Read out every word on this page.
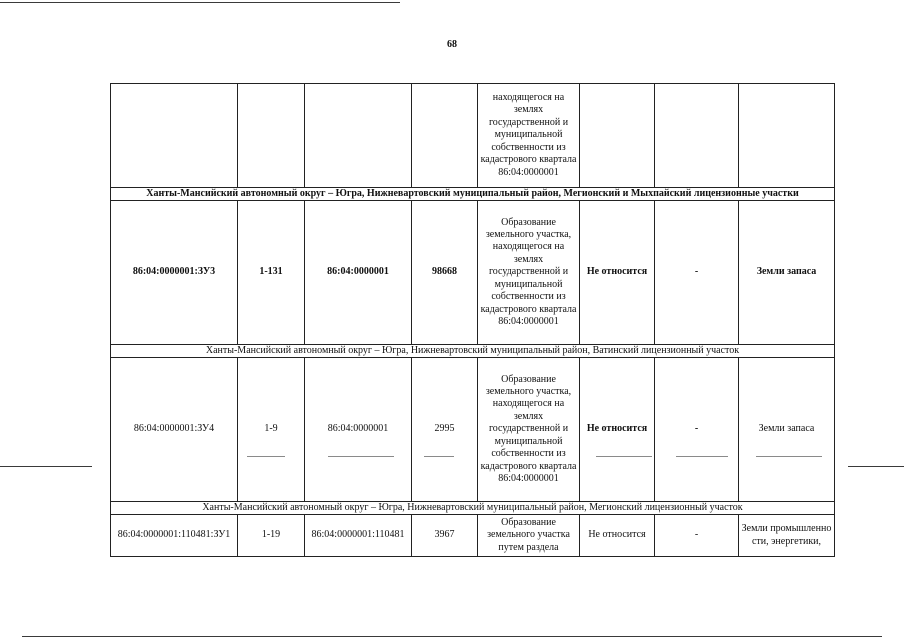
68
				находящегося на землях государственной и муниципальной собственности из кадастрового квартала 86:04:0000001			
Ханты-Мансийский автономный округ – Югра, Нижневартовский муниципальный район, Мегионский и Мыхпайский лицензионные участки							
86:04:0000001:ЗУ3	1-131	86:04:0000001	98668	Образование земельного участка, находящегося на землях государственной и муниципальной собственности из кадастрового квартала 86:04:0000001	Не относится	-	Земли запаса
Ханты-Мансийский автономный округ – Югра, Нижневартовский муниципальный район, Ватинский лицензионный участок							
86:04:0000001:ЗУ4	1-9	86:04:0000001	2995	Образование земельного участка, находящегося на землях государственной и муниципальной собственности из кадастрового квартала 86:04:0000001	Не относится	-	Земли запаса
Ханты-Мансийский автономный округ – Югра, Нижневартовский муниципальный район, Мегионский лицензионный участок							
86:04:0000001:110481:ЗУ1	1-19	86:04:0000001:110481	3967	Образование земельного участка путем раздела	Не относится	-	Земли промышленности, энергетики,
